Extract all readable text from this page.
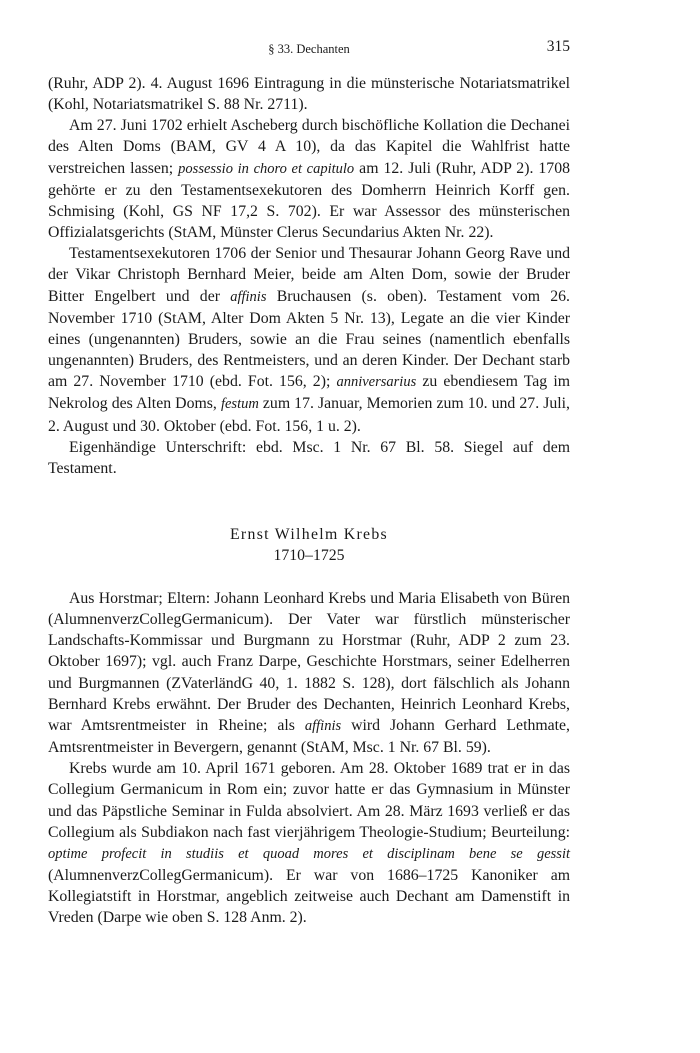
§ 33. Dechanten	315

(Ruhr, ADP 2). 4. August 1696 Eintragung in die münsterische Notariatsmatrikel (Kohl, Notariatsmatrikel S. 88 Nr. 2711).

Am 27. Juni 1702 erhielt Ascheberg durch bischöfliche Kollation die Dechanei des Alten Doms (BAM, GV 4 A 10), da das Kapitel die Wahlfrist hatte verstreichen lassen; possessio in choro et capitulo am 12. Juli (Ruhr, ADP 2). 1708 gehörte er zu den Testamentsexekutoren des Domherrn Heinrich Korff gen. Schmising (Kohl, GS NF 17,2 S. 702). Er war Assessor des münsterischen Offizialatsgerichts (StAM, Münster Clerus Secundarius Akten Nr. 22).

Testamentsexekutoren 1706 der Senior und Thesaurar Johann Georg Rave und der Vikar Christoph Bernhard Meier, beide am Alten Dom, sowie der Bruder Bitter Engelbert und der affinis Bruchausen (s. oben). Testament vom 26. November 1710 (StAM, Alter Dom Akten 5 Nr. 13), Legate an die vier Kinder eines (ungenannten) Bruders, sowie an die Frau seines (namentlich ebenfalls ungenannten) Bruders, des Rentmeisters, und an deren Kinder. Der Dechant starb am 27. November 1710 (ebd. Fot. 156, 2); anniversarius zu ebendiesem Tag im Nekrolog des Alten Doms, festum zum 17. Januar, Memorien zum 10. und 27. Juli, 2. August und 30. Oktober (ebd. Fot. 156, 1 u. 2).

Eigenhändige Unterschrift: ebd. Msc. 1 Nr. 67 Bl. 58. Siegel auf dem Testament.

Ernst Wilhelm Krebs
1710–1725

Aus Horstmar; Eltern: Johann Leonhard Krebs und Maria Elisabeth von Büren (AlumnenverzCollegGermanicum). Der Vater war fürstlich münsterischer Landschafts-Kommissar und Burgmann zu Horstmar (Ruhr, ADP 2 zum 23. Oktober 1697); vgl. auch Franz Darpe, Geschichte Horstmars, seiner Edelherren und Burgmannen (ZVaterländG 40, 1. 1882 S. 128), dort fälschlich als Johann Bernhard Krebs erwähnt. Der Bruder des Dechanten, Heinrich Leonhard Krebs, war Amtsrentmeister in Rheine; als affinis wird Johann Gerhard Lethmate, Amtsrentmeister in Bevergern, genannt (StAM, Msc. 1 Nr. 67 Bl. 59).

Krebs wurde am 10. April 1671 geboren. Am 28. Oktober 1689 trat er in das Collegium Germanicum in Rom ein; zuvor hatte er das Gymnasium in Münster und das Päpstliche Seminar in Fulda absolviert. Am 28. März 1693 verließ er das Collegium als Subdiakon nach fast vierjährigem Theologie-Studium; Beurteilung: optime profecit in studiis et quoad mores et disciplinam bene se gessit (AlumnenverzCollegGermanicum). Er war von 1686–1725 Kanoniker am Kollegiatstift in Horstmar, angeblich zeitweise auch Dechant am Damenstift in Vreden (Darpe wie oben S. 128 Anm. 2).
